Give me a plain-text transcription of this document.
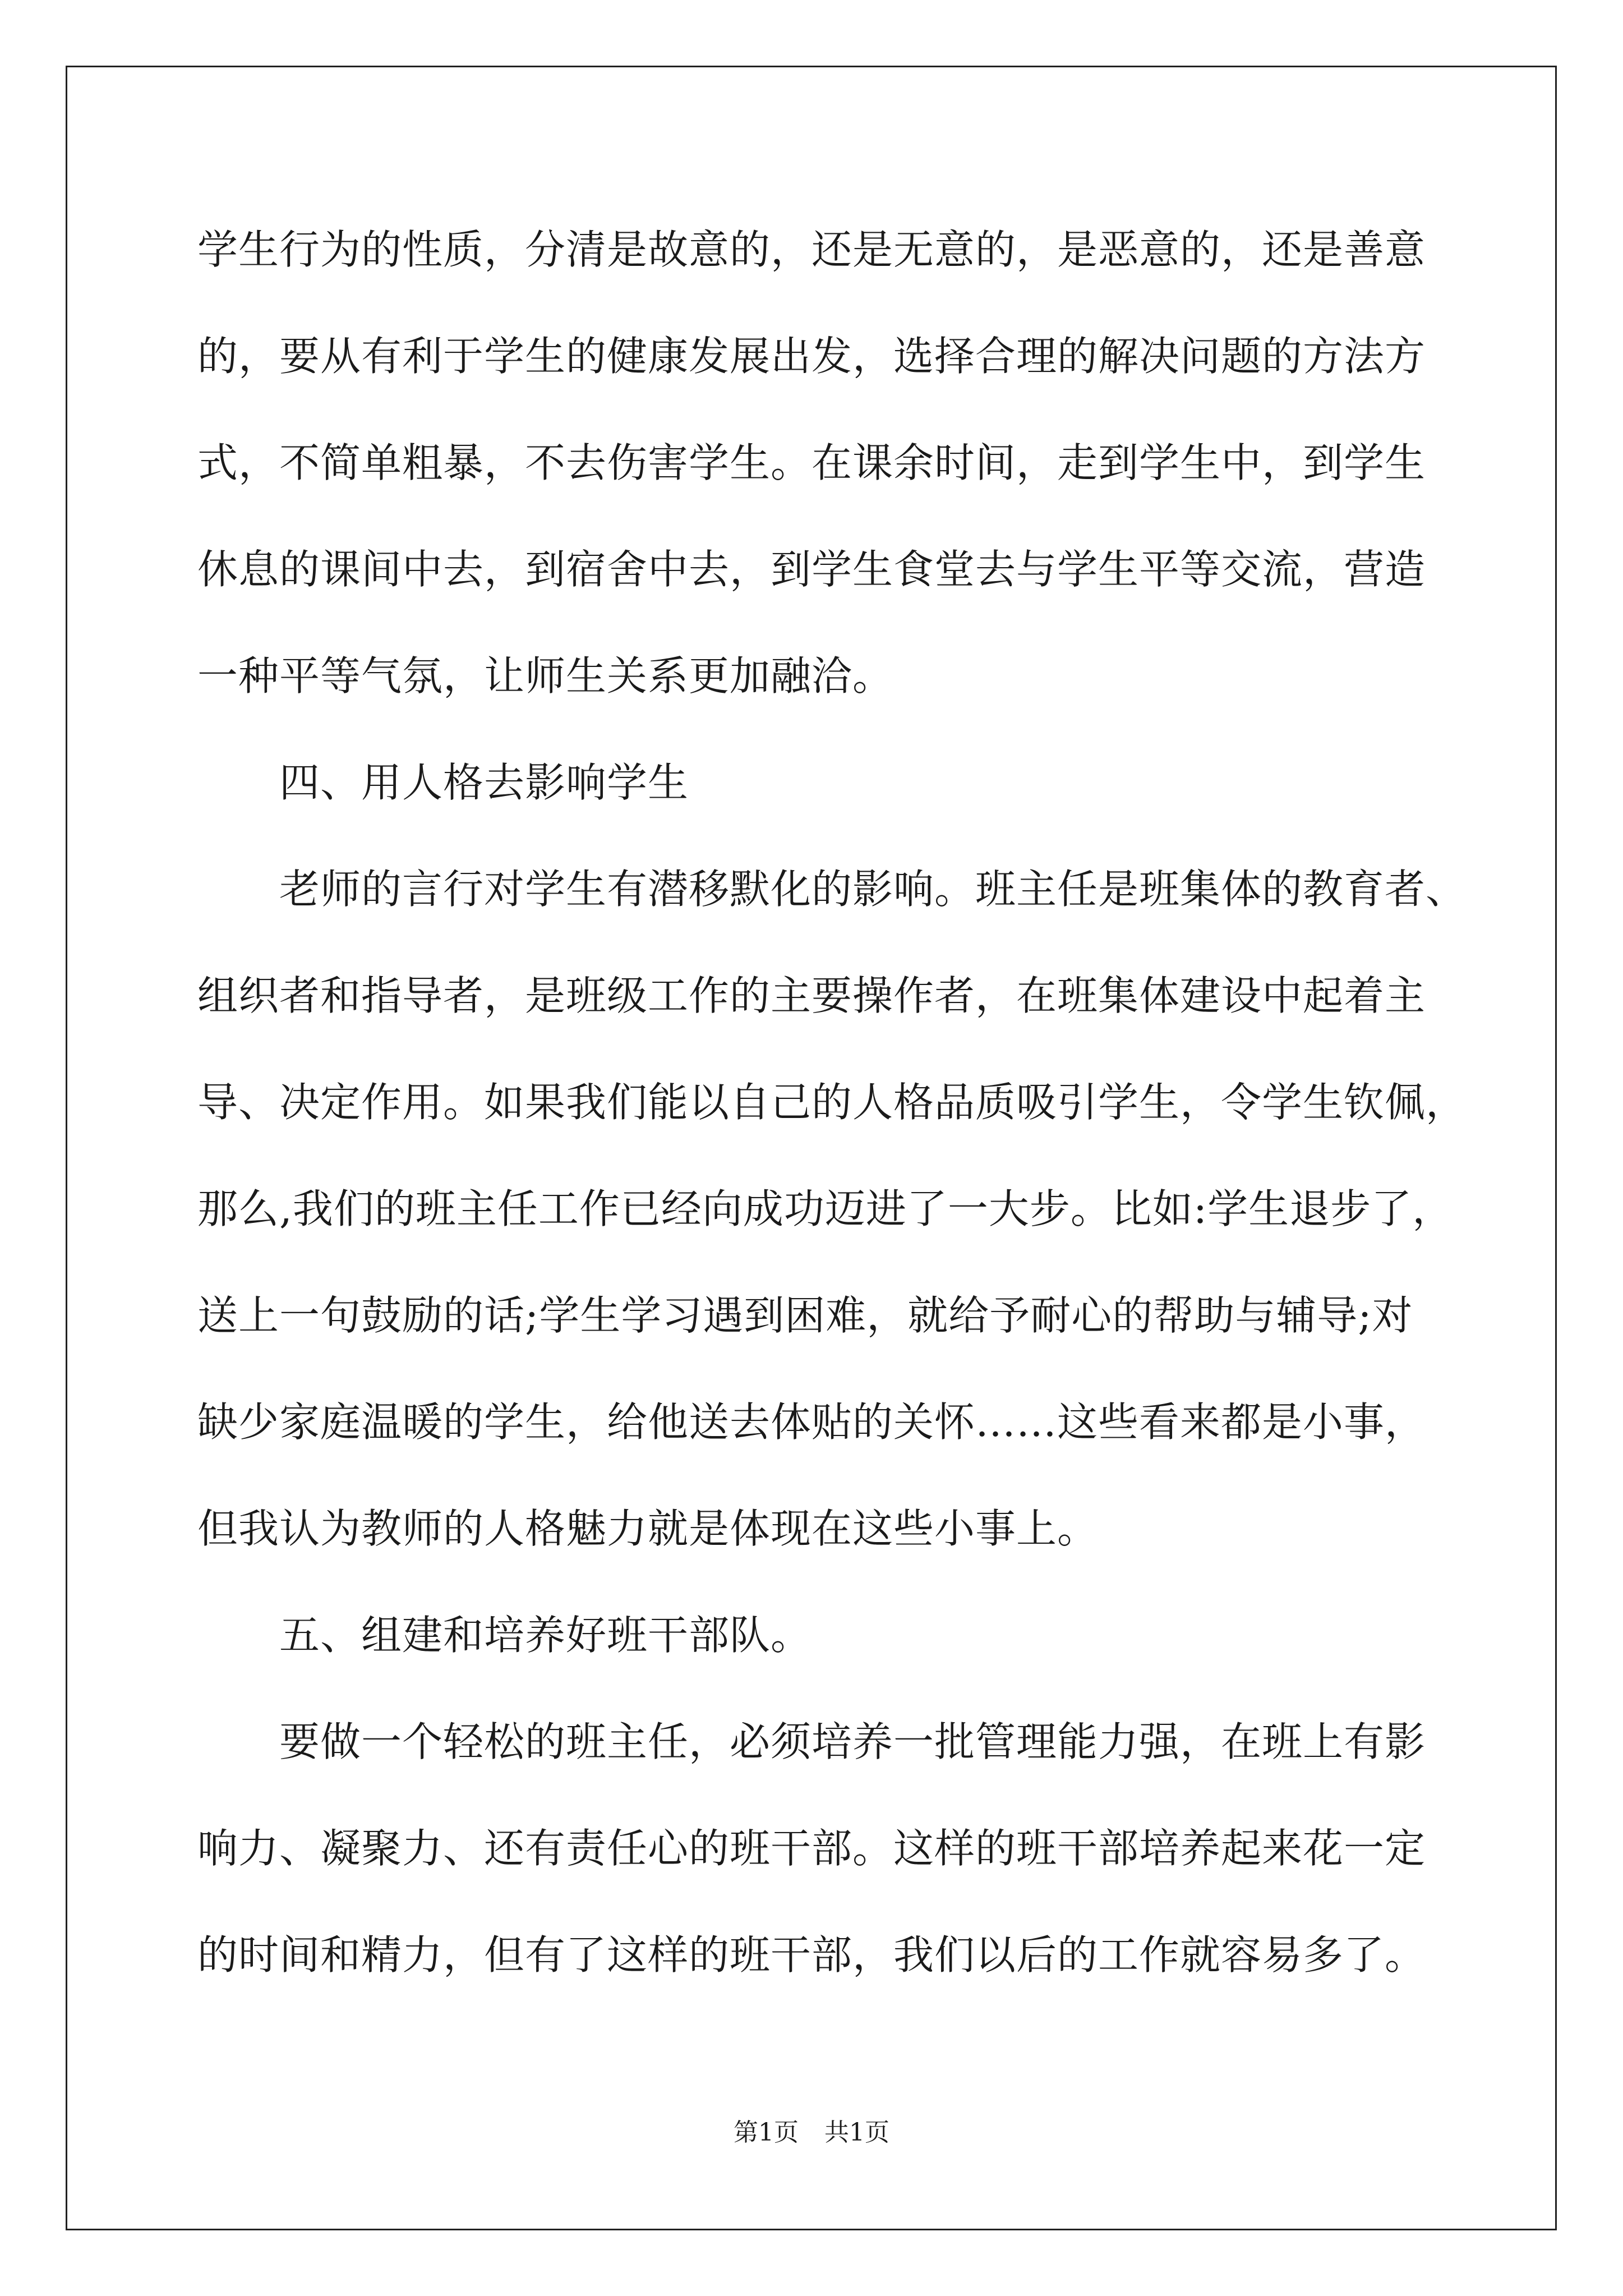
学生行为的性质，分清是故意的，还是无意的，是恶意的，还是善意
的，要从有利于学生的健康发展出发，选择合理的解决问题的方法方
式，不简单粗暴，不去伤害学生。在课余时间，走到学生中，到学生
休息的课间中去，到宿舍中去，到学生食堂去与学生平等交流，营造
一种平等气氛，让师生关系更加融洽。
　　四、用人格去影响学生
　　老师的言行对学生有潜移默化的影响。班主任是班集体的教育者、
组织者和指导者，是班级工作的主要操作者，在班集体建设中起着主
导、决定作用。如果我们能以自己的人格品质吸引学生，令学生钦佩，
那么,我们的班主任工作已经向成功迈进了一大步。比如:学生退步了，
送上一句鼓励的话;学生学习遇到困难，就给予耐心的帮助与辅导;对
缺少家庭温暖的学生，给他送去体贴的关怀……这些看来都是小事，
但我认为教师的人格魅力就是体现在这些小事上。
　　五、组建和培养好班干部队。
　　要做一个轻松的班主任，必须培养一批管理能力强，在班上有影
响力、凝聚力、还有责任心的班干部。这样的班干部培养起来花一定
的时间和精力，但有了这样的班干部，我们以后的工作就容易多了。
第1页 共1页
